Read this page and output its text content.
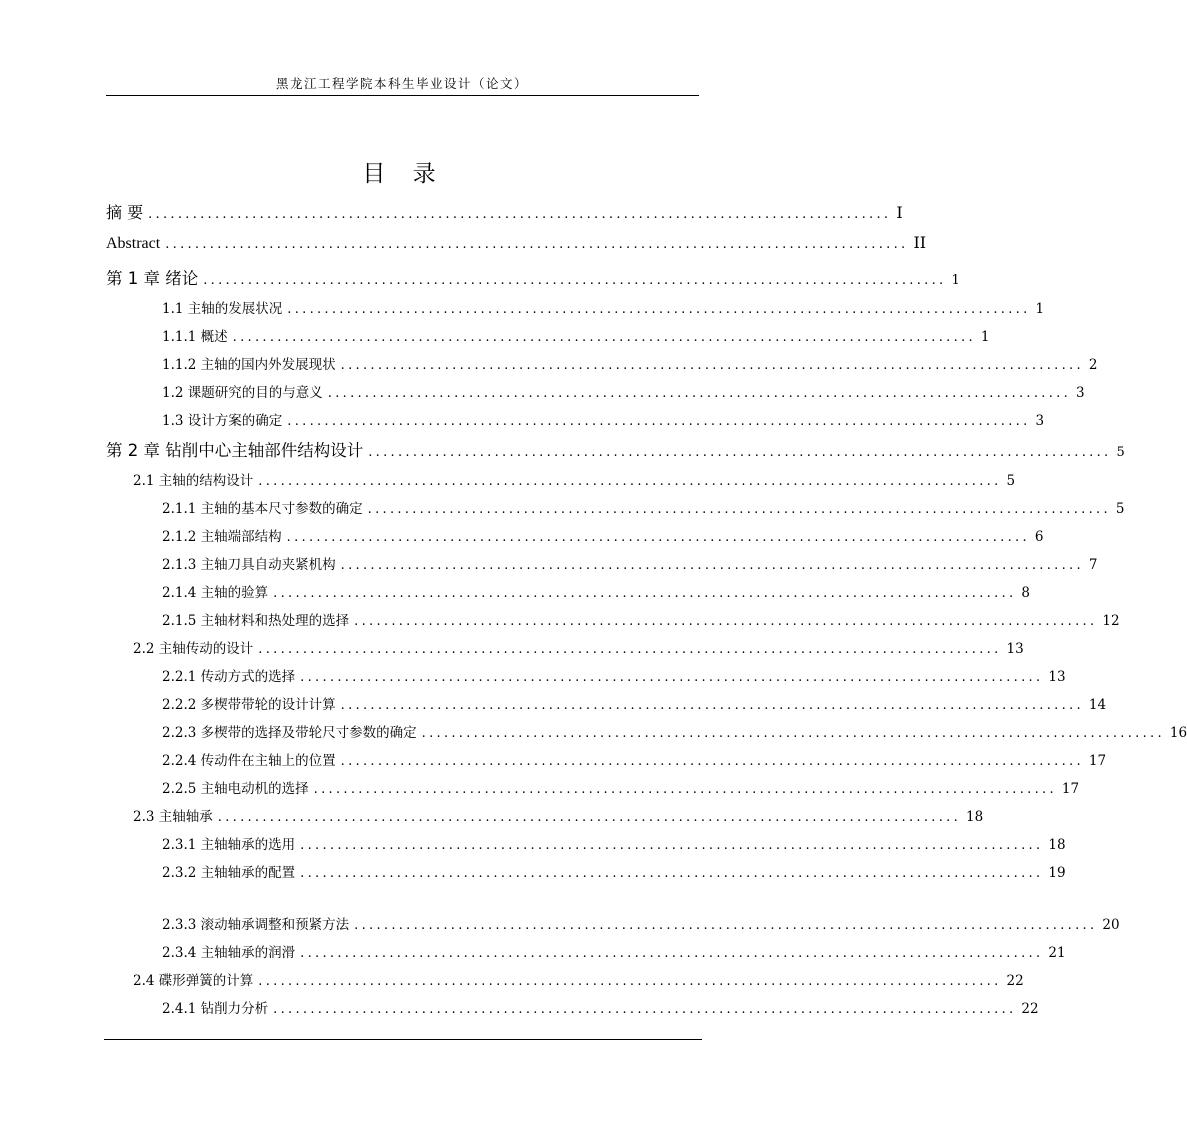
黑龙江工程学院本科生毕业设计（论文）
目 录
摘 要 .................................................................................................... I
Abstract .................................................................................................... II
第 1 章 绪论 .................................................................................................... 1
1.1 主轴的发展状况 .................................................................................................... 1
1.1.1 概述 .................................................................................................... 1
1.1.2 主轴的国内外发展现状 .................................................................................................... 2
1.2 课题研究的目的与意义 .................................................................................................... 3
1.3 设计方案的确定 .................................................................................................... 3
第 2 章 钻削中心主轴部件结构设计 .................................................................................................... 5
2.1 主轴的结构设计 .................................................................................................... 5
2.1.1 主轴的基本尺寸参数的确定 .................................................................................................... 5
2.1.2 主轴端部结构 .................................................................................................... 6
2.1.3 主轴刀具自动夹紧机构 .................................................................................................... 7
2.1.4 主轴的验算 .................................................................................................... 8
2.1.5 主轴材料和热处理的选择 .................................................................................................... 12
2.2 主轴传动的设计 .................................................................................................... 13
2.2.1 传动方式的选择 .................................................................................................... 13
2.2.2 多楔带带轮的设计计算 .................................................................................................... 14
2.2.3 多楔带的选择及带轮尺寸参数的确定 .................................................................................................... 16
2.2.4 传动件在主轴上的位置 .................................................................................................... 17
2.2.5 主轴电动机的选择 .................................................................................................... 17
2.3 主轴轴承 .................................................................................................... 18
2.3.1 主轴轴承的选用 .................................................................................................... 18
2.3.2 主轴轴承的配置 .................................................................................................... 19
2.3.3 滚动轴承调整和预紧方法 .................................................................................................... 20
2.3.4 主轴轴承的润滑 .................................................................................................... 21
2.4 碟形弹簧的计算 .................................................................................................... 22
2.4.1 钻削力分析 .................................................................................................... 22
